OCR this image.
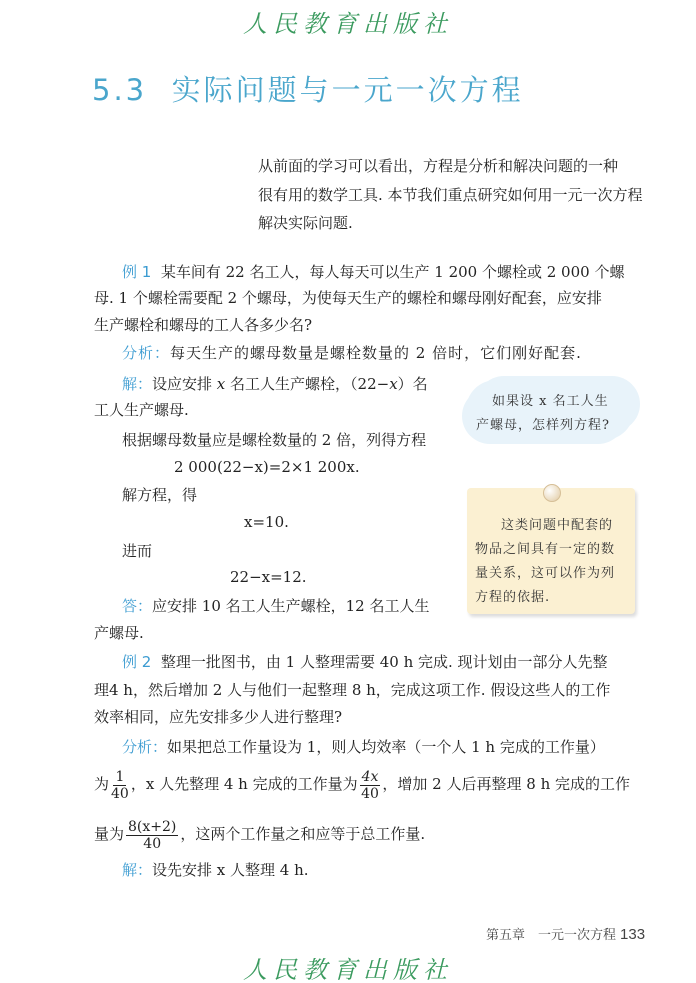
人民教育出版社
5.3 实际问题与一元一次方程
从前面的学习可以看出，方程是分析和解决问题的一种
很有用的数学工具. 本节我们重点研究如何用一元一次方程
解决实际问题.
例 1 某车间有 22 名工人，每人每天可以生产 1 200 个螺栓或 2 000 个螺
母. 1 个螺栓需要配 2 个螺母，为使每天生产的螺栓和螺母刚好配套，应安排
生产螺栓和螺母的工人各多少名?
分析：每天生产的螺母数量是螺栓数量的 2 倍时，它们刚好配套.
解：设应安排 x 名工人生产螺栓，（22−x）名
工人生产螺母.
根据螺母数量应是螺栓数量的 2 倍，列得方程
2 000(22−x)=2×1 200x.
解方程，得
x=10.
进而
22−x=12.
答：应安排 10 名工人生产螺栓，12 名工人生
产螺母.
如果设 x 名工人生
产螺母，怎样列方程?
这类问题中配套的
物品之间具有一定的数
量关系，这可以作为列
方程的依据.
例 2 整理一批图书，由 1 人整理需要 40 h 完成. 现计划由一部分人先整
理4 h，然后增加 2 人与他们一起整理 8 h，完成这项工作. 假设这些人的工作
效率相同，应先安排多少人进行整理?
分析：如果把总工作量设为 1，则人均效率（一个人 1 h 完成的工作量）
为 $\frac{1}{40}$ ，x 人先整理 4 h 完成的工作量为 $\frac{4x}{40}$ ，增加 2 人后再整理 8 h 完成的工作
量为 $\frac{8(x+2)}{40}$ ，这两个工作量之和应等于总工作量.
解：设先安排 x 人整理 4 h.
第五章　一元一次方程 133
人民教育出版社
